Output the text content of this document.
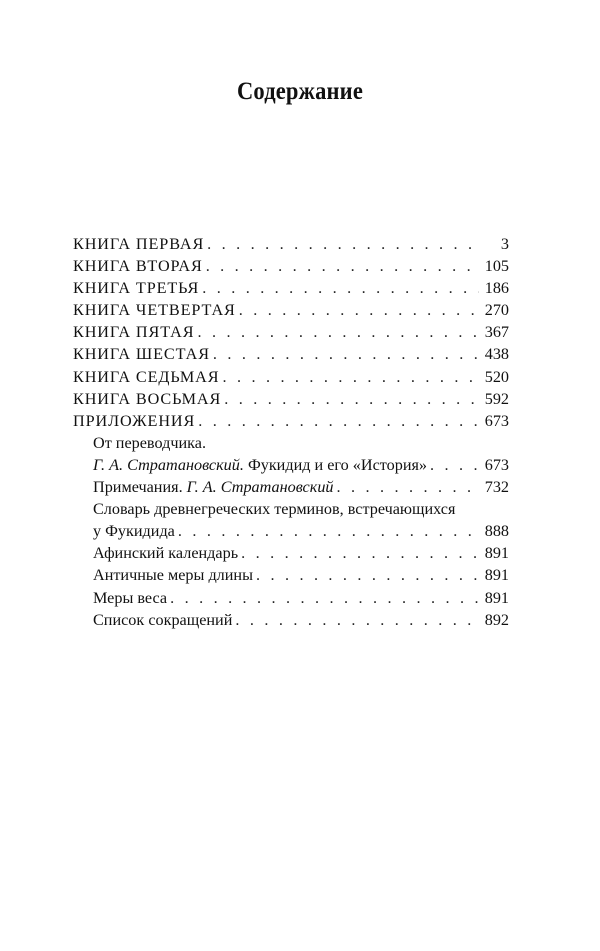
Содержание
КНИГА ПЕРВАЯ . . .	3
КНИГА ВТОРАЯ . . .	105
КНИГА ТРЕТЬЯ . . .	186
КНИГА ЧЕТВЕРТАЯ . . .	270
КНИГА ПЯТАЯ . . .	367
КНИГА ШЕСТАЯ . . .	438
КНИГА СЕДЬМАЯ . . .	520
КНИГА ВОСЬМАЯ . . .	592
ПРИЛОЖЕНИЯ . . .	673
От переводчика.
Г. А. Стратановский. Фукидид и его «История» . . .	673
Примечания. Г. А. Стратановский . . .	732
Словарь древнегреческих терминов, встречающихся
у Фукидида . . .	888
Афинский календарь . . .	891
Античные меры длины . . .	891
Меры веса . . .	891
Список сокращений . . .	892
